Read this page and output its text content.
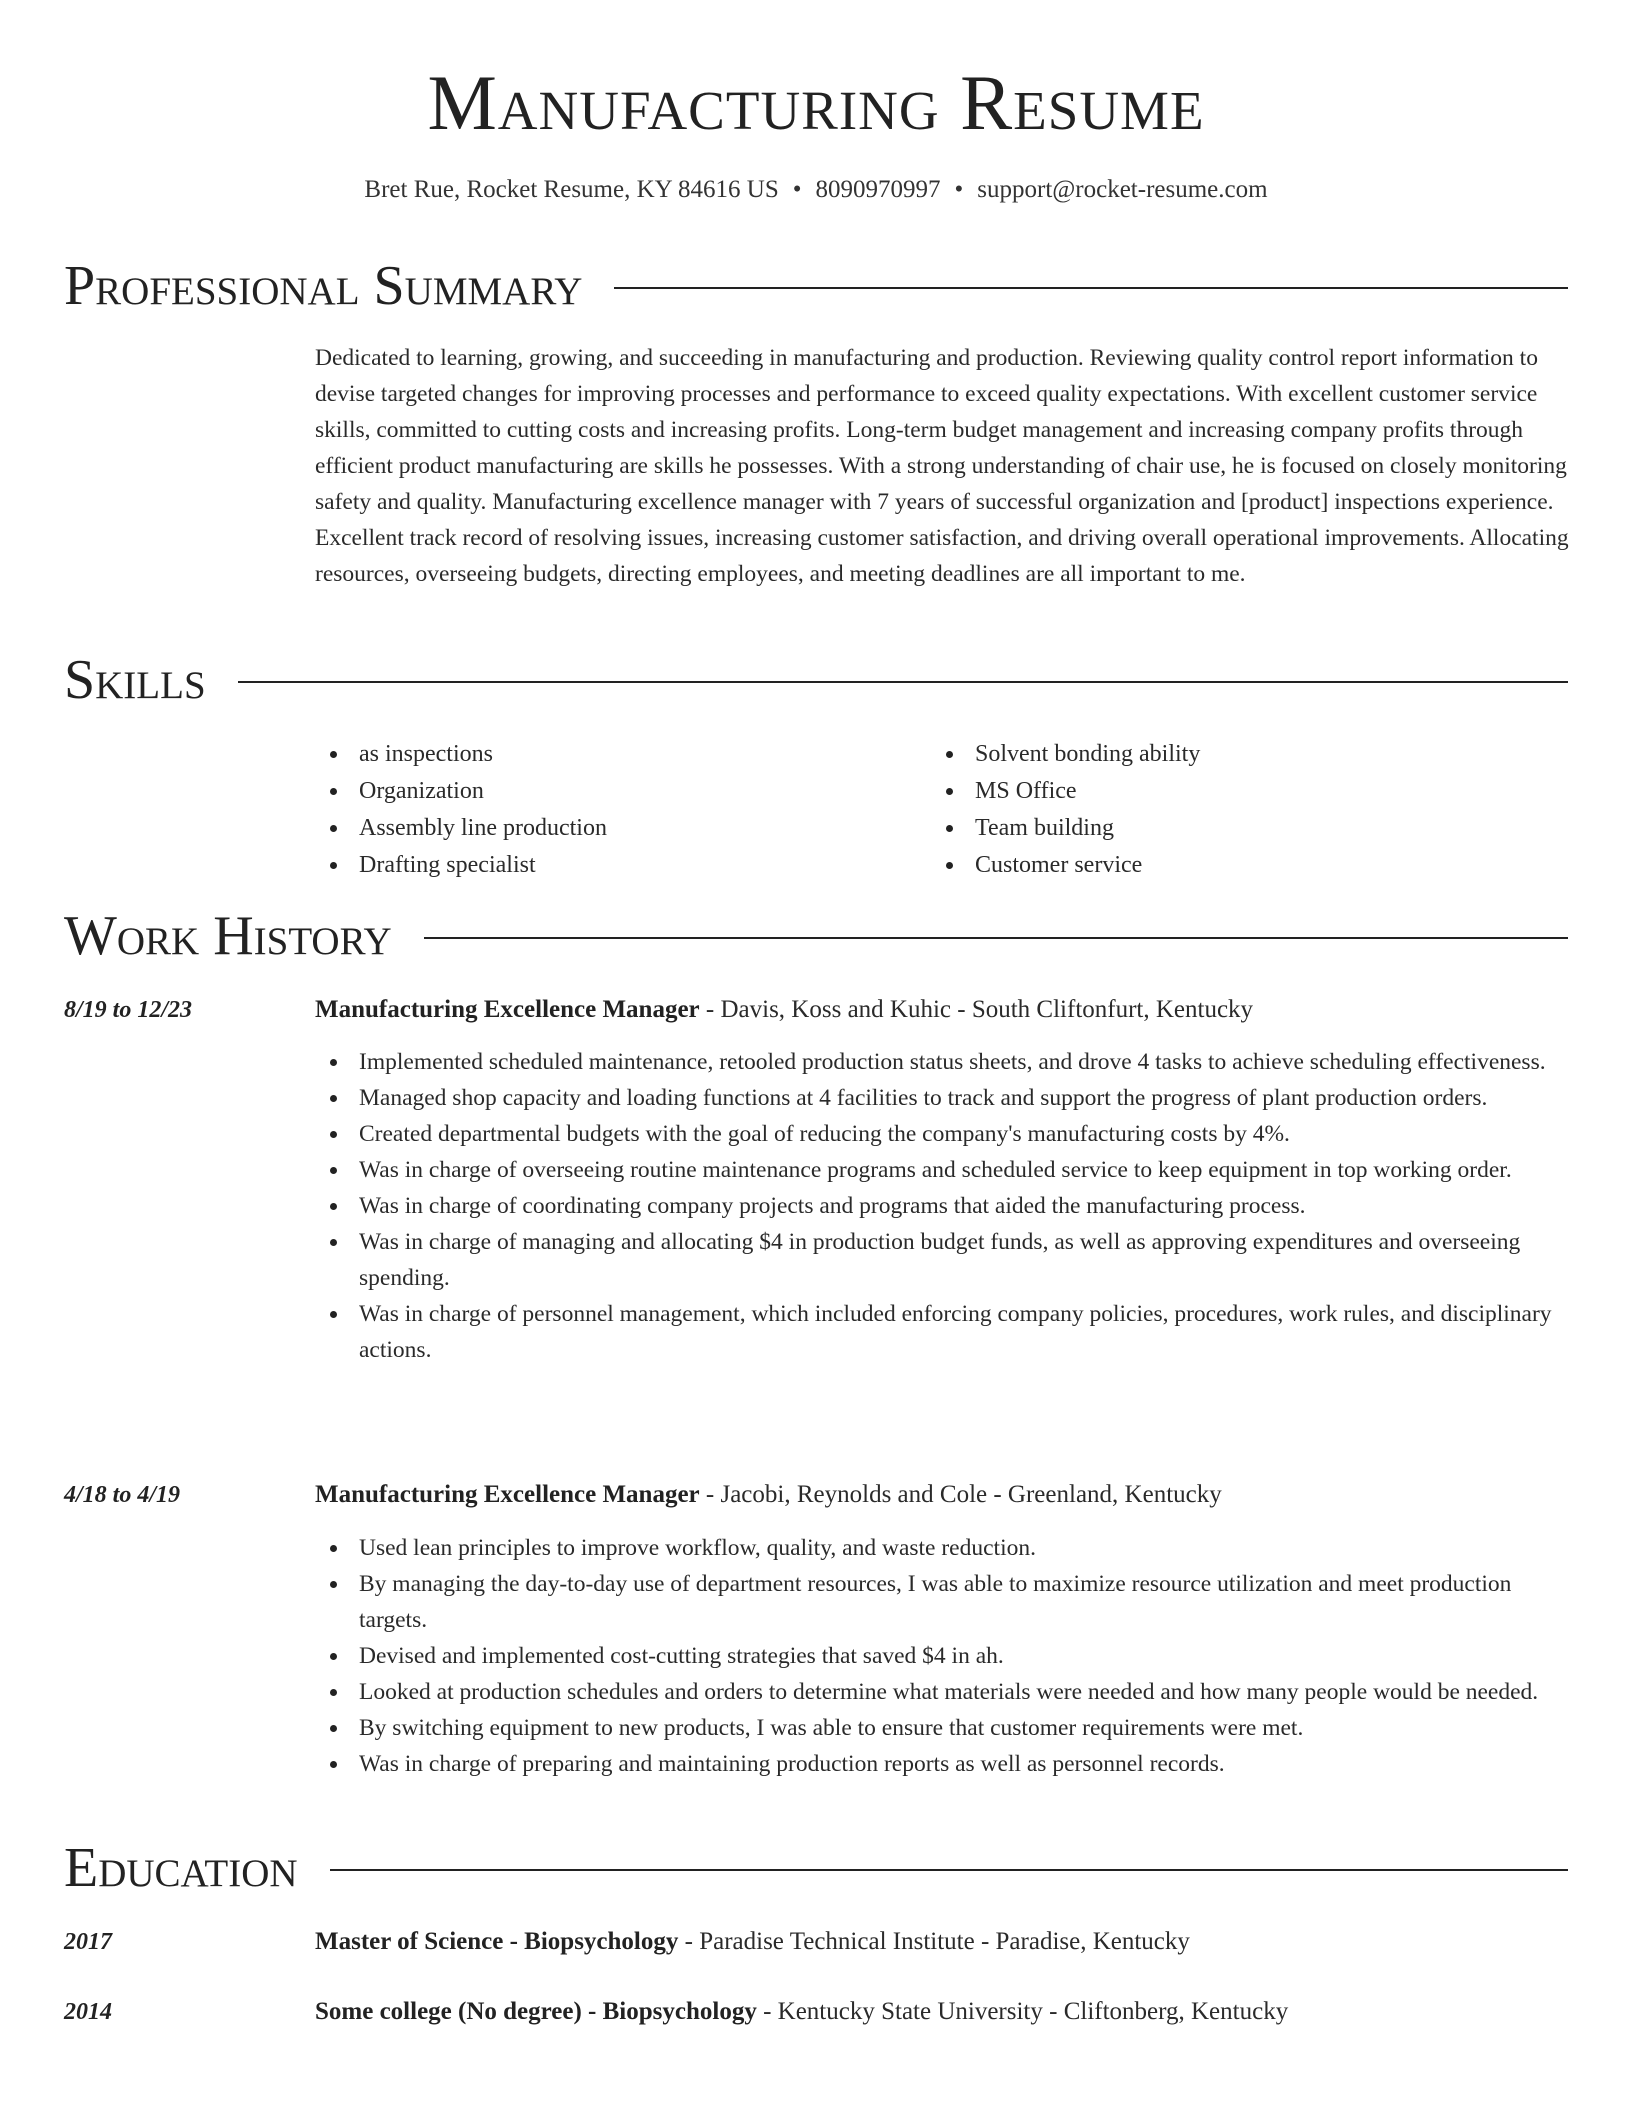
Manufacturing Resume
Bret Rue, Rocket Resume, KY 84616 US • 8090970997 • support@rocket-resume.com
Professional Summary

Dedicated to learning, growing, and succeeding in manufacturing and production. Reviewing quality control report information to devise targeted changes for improving processes and performance to exceed quality expectations. With excellent customer service skills, committed to cutting costs and increasing profits. Long-term budget management and increasing company profits through efficient product manufacturing are skills he possesses. With a strong understanding of chair use, he is focused on closely monitoring safety and quality. Manufacturing excellence manager with 7 years of successful organization and [product] inspections experience. Excellent track record of resolving issues, increasing customer satisfaction, and driving overall operational improvements. Allocating resources, overseeing budgets, directing employees, and meeting deadlines are all important to me.

Skills
as inspections
Organization
Assembly line production
Drafting specialist
Solvent bonding ability
MS Office
Team building
Customer service
Work History
8/19 to 12/23	Manufacturing Excellence Manager - Davis, Koss and Kuhic - South Cliftonfurt, Kentucky
Implemented scheduled maintenance, retooled production status sheets, and drove 4 tasks to achieve scheduling effectiveness.
Managed shop capacity and loading functions at 4 facilities to track and support the progress of plant production orders.
Created departmental budgets with the goal of reducing the company's manufacturing costs by 4%.
Was in charge of overseeing routine maintenance programs and scheduled service to keep equipment in top working order.
Was in charge of coordinating company projects and programs that aided the manufacturing process.
Was in charge of managing and allocating $4 in production budget funds, as well as approving expenditures and overseeing spending.
Was in charge of personnel management, which included enforcing company policies, procedures, work rules, and disciplinary actions.
4/18 to 4/19	Manufacturing Excellence Manager - Jacobi, Reynolds and Cole - Greenland, Kentucky
Used lean principles to improve workflow, quality, and waste reduction.
By managing the day-to-day use of department resources, I was able to maximize resource utilization and meet production targets.
Devised and implemented cost-cutting strategies that saved $4 in ah.
Looked at production schedules and orders to determine what materials were needed and how many people would be needed.
By switching equipment to new products, I was able to ensure that customer requirements were met.
Was in charge of preparing and maintaining production reports as well as personnel records.
Education
2017	Master of Science - Biopsychology - Paradise Technical Institute - Paradise, Kentucky
2014	Some college (No degree) - Biopsychology - Kentucky State University - Cliftonberg, Kentucky
